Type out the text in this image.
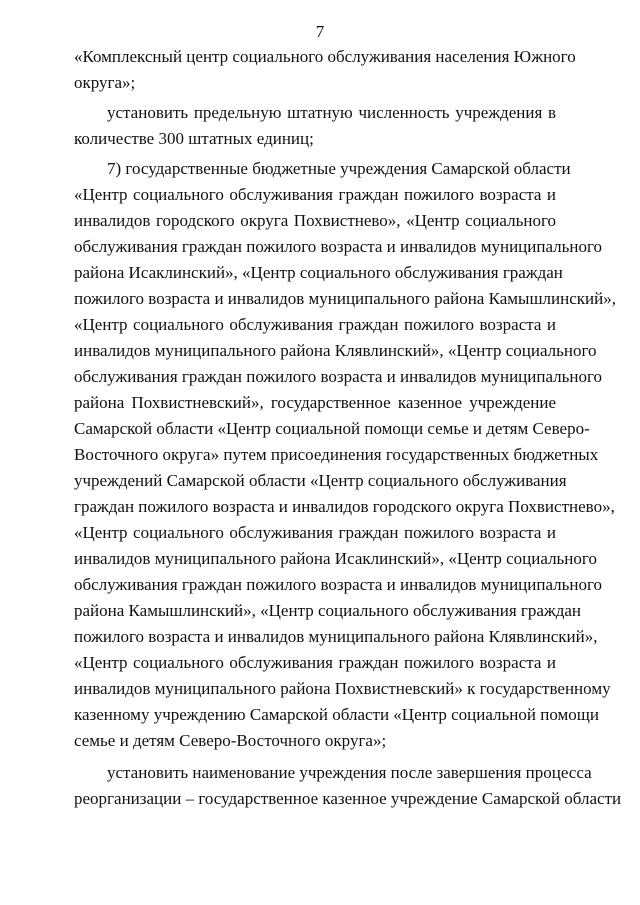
7
«Комплексный центр социального обслуживания населения Южного
округа»;
установить предельную штатную численность учреждения в
количестве 300 штатных единиц;
7) государственные бюджетные учреждения Самарской области
«Центр социального обслуживания граждан пожилого возраста и
инвалидов городского округа Похвистнево», «Центр социального
обслуживания граждан пожилого возраста и инвалидов муниципального
района Исаклинский», «Центр социального обслуживания граждан
пожилого возраста и инвалидов муниципального района Камышлинский»,
«Центр социального обслуживания граждан пожилого возраста и
инвалидов муниципального района Клявлинский», «Центр социального
обслуживания граждан пожилого возраста и инвалидов муниципального
района Похвистневский», государственное казенное учреждение
Самарской области «Центр социальной помощи семье и детям Северо-
Восточного округа» путем присоединения государственных бюджетных
учреждений Самарской области «Центр социального обслуживания
граждан пожилого возраста и инвалидов городского округа Похвистнево»,
«Центр социального обслуживания граждан пожилого возраста и
инвалидов муниципального района Исаклинский», «Центр социального
обслуживания граждан пожилого возраста и инвалидов муниципального
района Камышлинский», «Центр социального обслуживания граждан
пожилого возраста и инвалидов муниципального района Клявлинский»,
«Центр социального обслуживания граждан пожилого возраста и
инвалидов муниципального района Похвистневский» к государственному
казенному учреждению Самарской области «Центр социальной помощи
семье и детям Северо-Восточного округа»;
установить наименование учреждения после завершения процесса
реорганизации – государственное казенное учреждение Самарской области
